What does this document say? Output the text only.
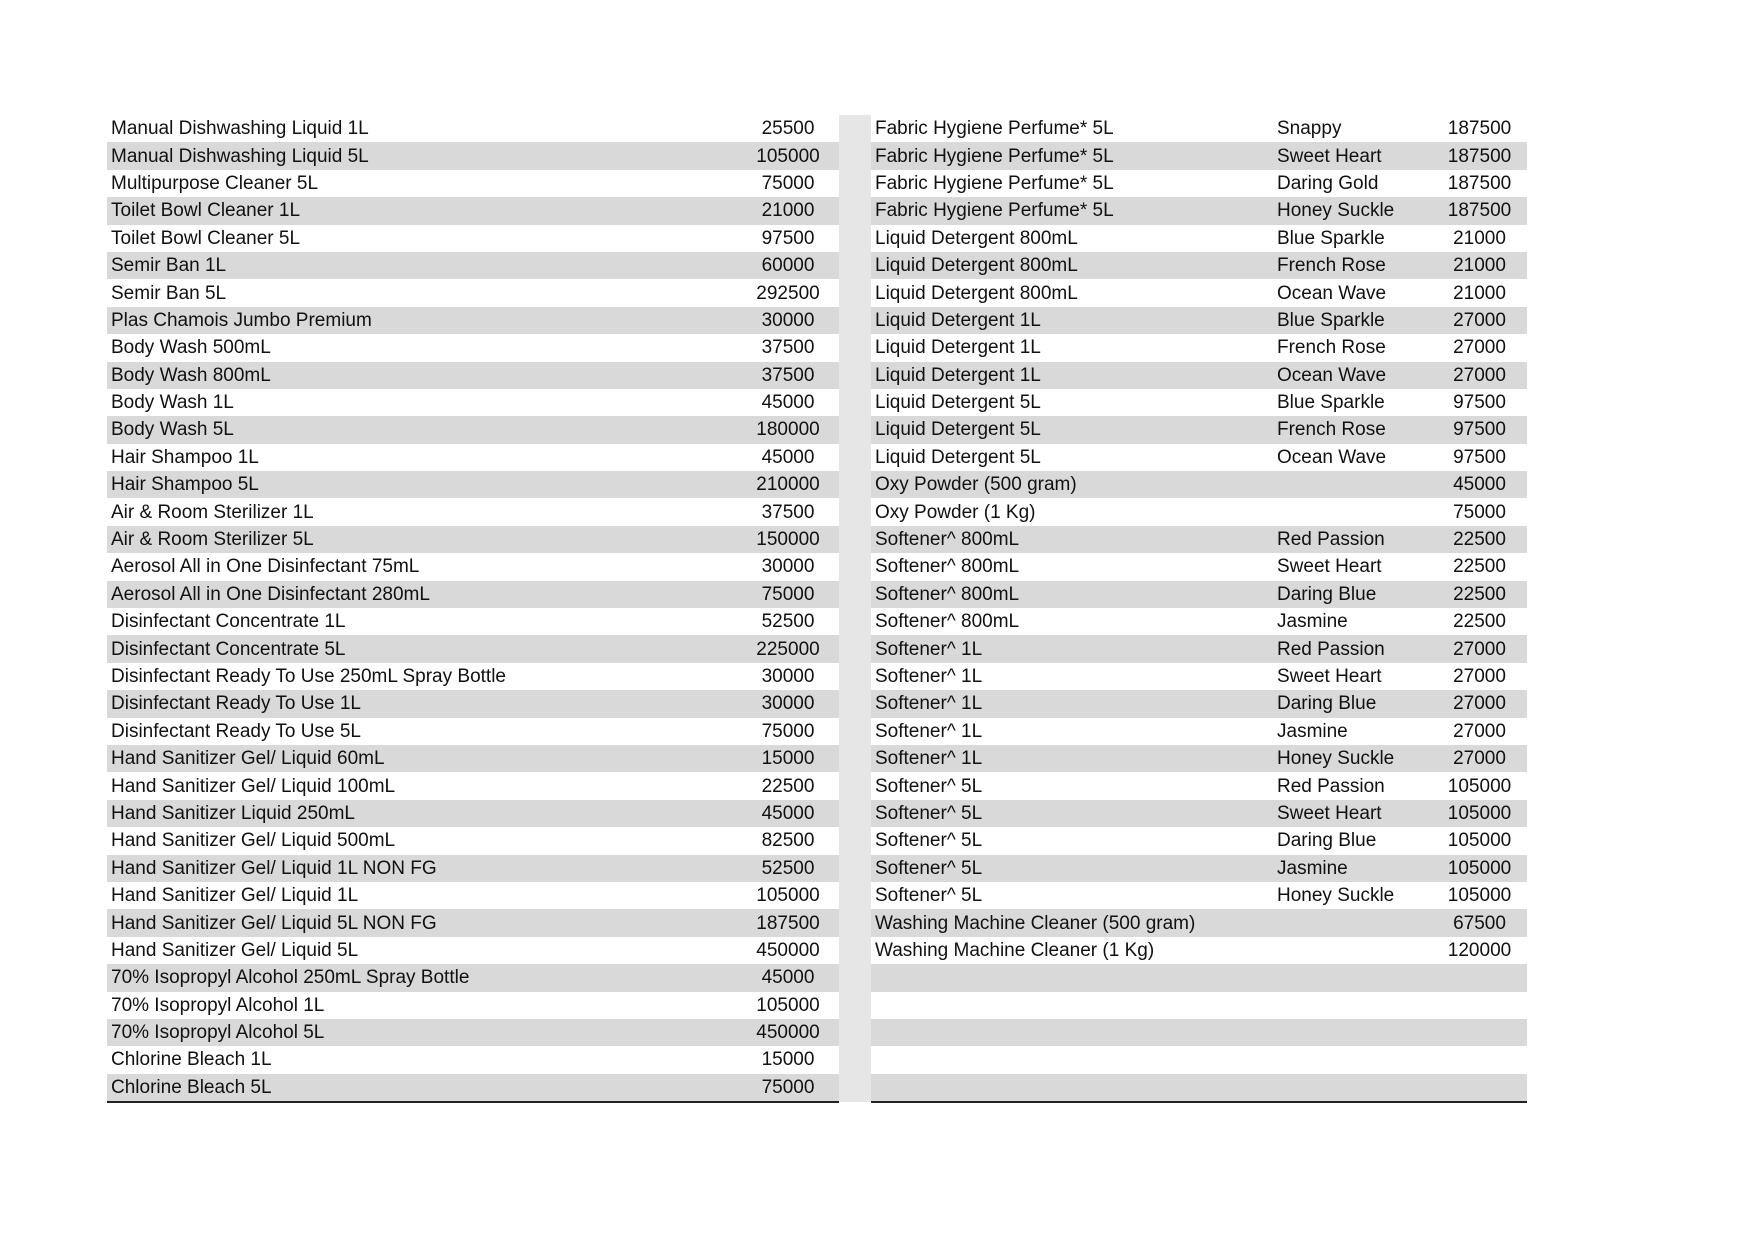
Manual Dishwashing Liquid 1L	25500		Fabric Hygiene Perfume* 5L	Snappy	187500
Manual Dishwashing Liquid 5L	105000		Fabric Hygiene Perfume* 5L	Sweet Heart	187500
Multipurpose Cleaner 5L	75000		Fabric Hygiene Perfume* 5L	Daring Gold	187500
Toilet Bowl Cleaner 1L	21000		Fabric Hygiene Perfume* 5L	Honey Suckle	187500
Toilet Bowl Cleaner 5L	97500		Liquid Detergent 800mL	Blue Sparkle	21000
Semir Ban 1L	60000		Liquid Detergent 800mL	French Rose	21000
Semir Ban 5L	292500		Liquid Detergent 800mL	Ocean Wave	21000
Plas Chamois Jumbo Premium	30000		Liquid Detergent 1L	Blue Sparkle	27000
Body Wash 500mL	37500		Liquid Detergent 1L	French Rose	27000
Body Wash 800mL	37500		Liquid Detergent 1L	Ocean Wave	27000
Body Wash 1L	45000		Liquid Detergent 5L	Blue Sparkle	97500
Body Wash 5L	180000		Liquid Detergent 5L	French Rose	97500
Hair Shampoo 1L	45000		Liquid Detergent 5L	Ocean Wave	97500
Hair Shampoo 5L	210000		Oxy Powder (500 gram)		45000
Air & Room Sterilizer 1L	37500		Oxy Powder (1 Kg)		75000
Air & Room Sterilizer 5L	150000		Softener^ 800mL	Red Passion	22500
Aerosol All in One Disinfectant 75mL	30000		Softener^ 800mL	Sweet Heart	22500
Aerosol All in One Disinfectant 280mL	75000		Softener^ 800mL	Daring Blue	22500
Disinfectant Concentrate 1L	52500		Softener^ 800mL	Jasmine	22500
Disinfectant Concentrate 5L	225000		Softener^ 1L	Red Passion	27000
Disinfectant Ready To Use 250mL Spray Bottle	30000		Softener^ 1L	Sweet Heart	27000
Disinfectant Ready To Use 1L	30000		Softener^ 1L	Daring Blue	27000
Disinfectant Ready To Use 5L	75000		Softener^ 1L	Jasmine	27000
Hand Sanitizer Gel/ Liquid 60mL	15000		Softener^ 1L	Honey Suckle	27000
Hand Sanitizer Gel/ Liquid 100mL	22500		Softener^ 5L	Red Passion	105000
Hand Sanitizer Liquid 250mL	45000		Softener^ 5L	Sweet Heart	105000
Hand Sanitizer Gel/ Liquid 500mL	82500		Softener^ 5L	Daring Blue	105000
Hand Sanitizer Gel/ Liquid 1L NON FG	52500		Softener^ 5L	Jasmine	105000
Hand Sanitizer Gel/ Liquid 1L	105000		Softener^ 5L	Honey Suckle	105000
Hand Sanitizer Gel/ Liquid 5L NON FG	187500		Washing Machine Cleaner (500 gram)		67500
Hand Sanitizer Gel/ Liquid 5L	450000		Washing Machine Cleaner (1 Kg)		120000
70% Isopropyl Alcohol 250mL Spray Bottle	45000				
70% Isopropyl Alcohol 1L	105000				
70% Isopropyl Alcohol 5L	450000				
Chlorine Bleach 1L	15000				
Chlorine Bleach 5L	75000				
